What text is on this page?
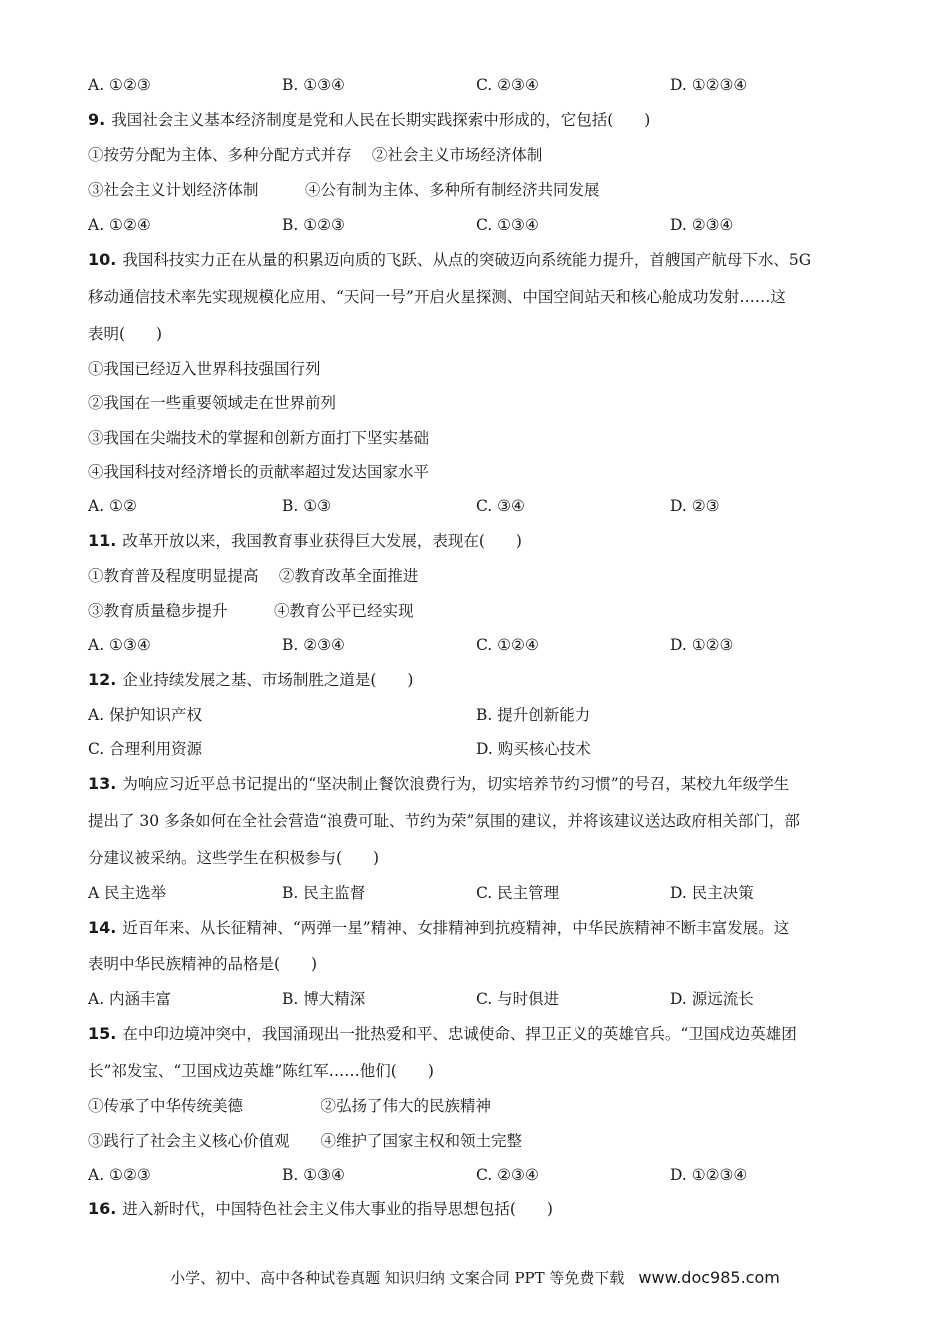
A. ①②③	B. ①③④	C. ②③④	D. ①②③④
9. 我国社会主义基本经济制度是党和人民在长期实践探索中形成的，它包括(　　)
①按劳分配为主体、多种分配方式并存　 ②社会主义市场经济体制
③社会主义计划经济体制　　　④公有制为主体、多种所有制经济共同发展
A. ①②④	B. ①②③	C. ①③④	D. ②③④
10. 我国科技实力正在从量的积累迈向质的飞跃、从点的突破迈向系统能力提升，首艘国产航母下水、5G
移动通信技术率先实现规模化应用、“天问一号”开启火星探测、中国空间站天和核心舱成功发射……这
表明(　　)
①我国已经迈入世界科技强国行列
②我国在一些重要领域走在世界前列
③我国在尖端技术的掌握和创新方面打下坚实基础
④我国科技对经济增长的贡献率超过发达国家水平
A. ①②	B. ①③	C. ③④	D. ②③
11. 改革开放以来，我国教育事业获得巨大发展，表现在(　　)
①教育普及程度明显提高　 ②教育改革全面推进
③教育质量稳步提升　　　④教育公平已经实现
A. ①③④	B. ②③④	C. ①②④	D. ①②③
12. 企业持续发展之基、市场制胜之道是(　　)
A. 保护知识产权	B. 提升创新能力
C. 合理利用资源	D. 购买核心技术
13. 为响应习近平总书记提出的“坚决制止餐饮浪费行为，切实培养节约习惯”的号召，某校九年级学生
提出了 30 多条如何在全社会营造“浪费可耻、节约为荣”氛围的建议，并将该建议送达政府相关部门，部
分建议被采纳。这些学生在积极参与(　　)
A 民主选举	B. 民主监督	C. 民主管理	D. 民主决策
14. 近百年来、从长征精神、“两弹一星”精神、女排精神到抗疫精神，中华民族精神不断丰富发展。这
表明中华民族精神的品格是(　　)
A. 内涵丰富	B. 博大精深	C. 与时俱进	D. 源远流长
15. 在中印边境冲突中，我国涌现出一批热爱和平、忠诚使命、捍卫正义的英雄官兵。“卫国戍边英雄团
长”祁发宝、“卫国戍边英雄”陈红军……他们(　　)
①传承了中华传统美德　　　　　②弘扬了伟大的民族精神
③践行了社会主义核心价值观　　④维护了国家主权和领土完整
A. ①②③	B. ①③④	C. ②③④	D. ①②③④
16. 进入新时代，中国特色社会主义伟大事业的指导思想包括(　　)
小学、初中、高中各种试卷真题 知识归纳 文案合同 PPT 等免费下载 www.doc985.com
